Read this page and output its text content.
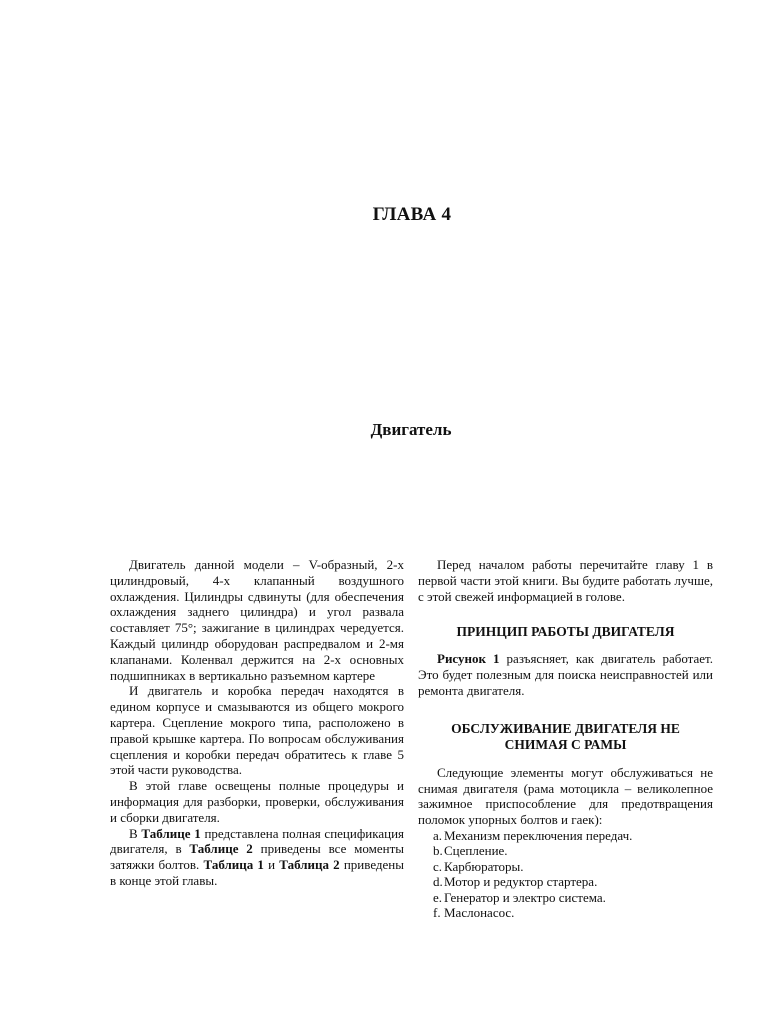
ГЛАВА 4
Двигатель

Двигатель данной модели – V-образный, 2-х цилиндровый, 4-х клапанный воздушного охлаждения. Цилиндры сдвинуты (для обеспечения охлаждения заднего цилиндра) и угол развала составляет 75°; зажигание в цилиндрах чередуется. Каждый цилиндр оборудован распредвалом и 2-мя клапанами. Коленвал держится на 2-х основных подшипниках в вертикально разъемном картере

И двигатель и коробка передач находятся в едином корпусе и смазываются из общего мокрого картера. Сцепление мокрого типа, расположено в правой крышке картера. По вопросам обслуживания сцепления и коробки передач обратитесь к главе 5 этой части руководства.

В этой главе освещены полные процедуры и информация для разборки, проверки, обслуживания и сборки двигателя.

В Таблице 1 представлена полная спецификация двигателя, в Таблице 2 приведены все моменты затяжки болтов. Таблица 1 и Таблица 2 приведены в конце этой главы.

Перед началом работы перечитайте главу 1 в первой части этой книги. Вы будите работать лучше, с этой свежей информацией в голове.

ПРИНЦИП РАБОТЫ ДВИГАТЕЛЯ

Рисунок 1 разъясняет, как двигатель работает. Это будет полезным для поиска неисправностей или ремонта двигателя.

ОБСЛУЖИВАНИЕ ДВИГАТЕЛЯ НЕ СНИМАЯ С РАМЫ

Следующие элементы могут обслуживаться не снимая двигателя (рама мотоцикла – великолепное зажимное приспособление для предотвращения поломок упорных болтов и гаек):

a. Механизм переключения передач.
b. Сцепление.
c. Карбюраторы.
d. Мотор и редуктор стартера.
e. Генератор и электро система.
f. Маслонасос.
